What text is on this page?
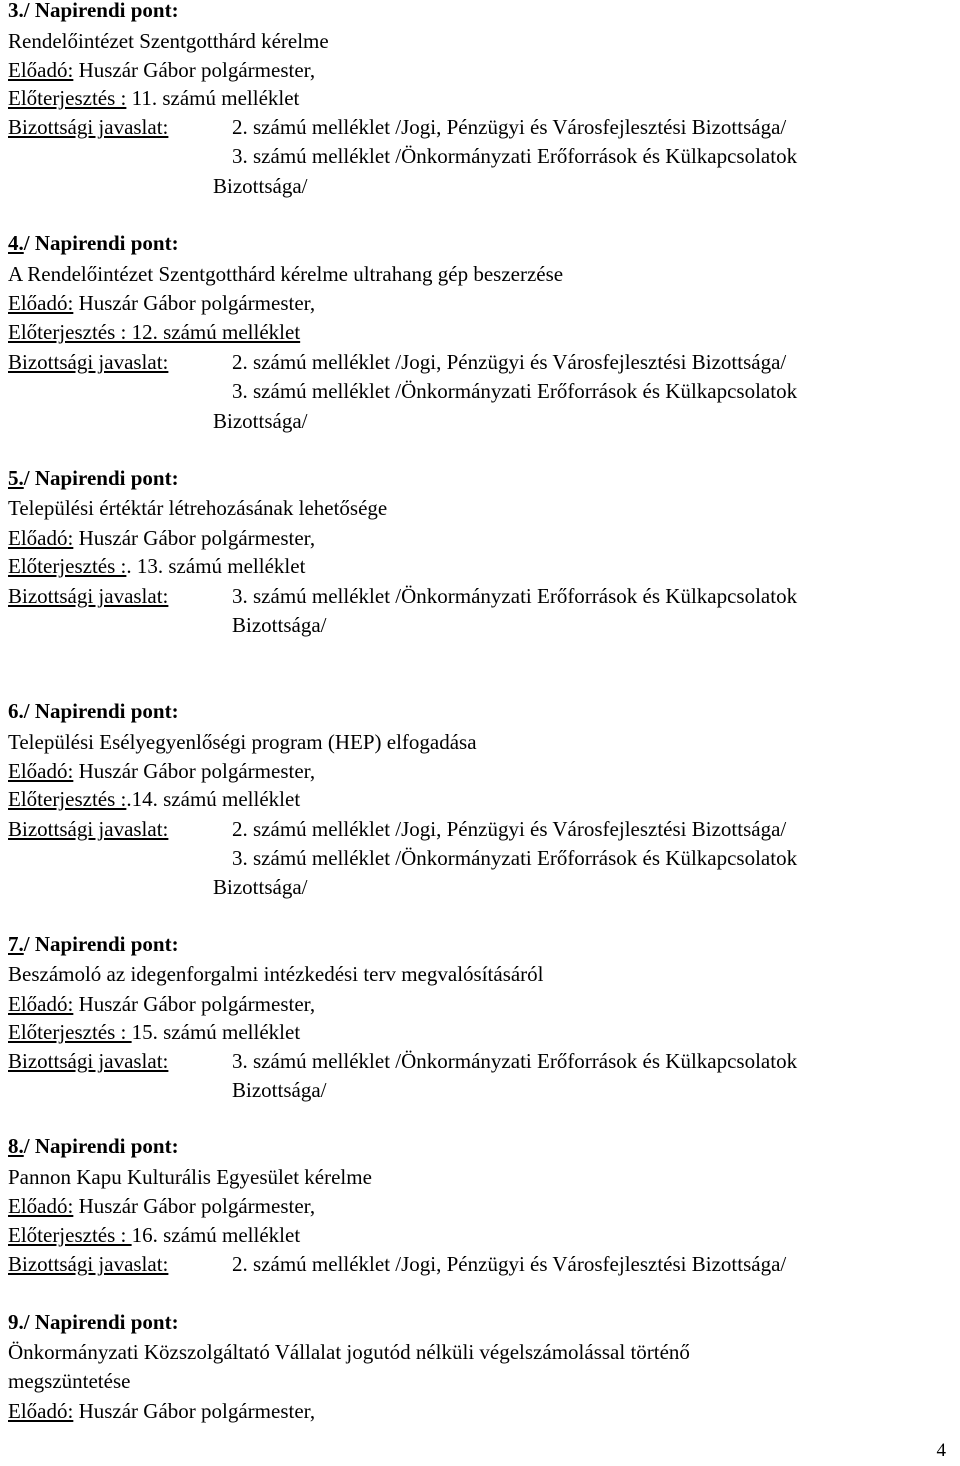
3./ Napirendi pont:
Rendelőintézet Szentgotthárd kérelme
Előadó: Huszár Gábor polgármester,
Előterjesztés : 11. számú melléklet
Bizottsági javaslat:	2. számú melléklet /Jogi, Pénzügyi és Városfejlesztési Bizottsága/
3. számú melléklet /Önkormányzati Erőforrások és Külkapcsolatok
Bizottsága/
4./ Napirendi pont:
A Rendelőintézet Szentgotthárd kérelme ultrahang gép beszerzése
Előadó: Huszár Gábor polgármester,
Előterjesztés : 12. számú melléklet
Bizottsági javaslat:	2. számú melléklet /Jogi, Pénzügyi és Városfejlesztési Bizottsága/
3. számú melléklet /Önkormányzati Erőforrások és Külkapcsolatok
Bizottsága/
5./ Napirendi pont:
Települési értéktár létrehozásának lehetősége
Előadó: Huszár Gábor polgármester,
Előterjesztés :. 13. számú melléklet
Bizottsági javaslat:	3. számú melléklet /Önkormányzati Erőforrások és Külkapcsolatok
Bizottsága/
6./ Napirendi pont:
Települési Esélyegyenlőségi program (HEP) elfogadása
Előadó: Huszár Gábor polgármester,
Előterjesztés :.14. számú melléklet
Bizottsági javaslat:	2. számú melléklet /Jogi, Pénzügyi és Városfejlesztési Bizottsága/
3. számú melléklet /Önkormányzati Erőforrások és Külkapcsolatok
Bizottsága/
7./ Napirendi pont:
Beszámoló az idegenforgalmi intézkedési terv megvalósításáról
Előadó: Huszár Gábor polgármester,
Előterjesztés : 15. számú melléklet
Bizottsági javaslat:	3. számú melléklet /Önkormányzati Erőforrások és Külkapcsolatok
Bizottsága/
8./ Napirendi pont:
Pannon Kapu Kulturális Egyesület kérelme
Előadó: Huszár Gábor polgármester,
Előterjesztés : 16. számú melléklet
Bizottsági javaslat:	2. számú melléklet /Jogi, Pénzügyi és Városfejlesztési Bizottsága/
9./ Napirendi pont:
Önkormányzati Közszolgáltató Vállalat jogutód nélküli végelszámolással történő
megszüntetése
Előadó: Huszár Gábor polgármester,
4
